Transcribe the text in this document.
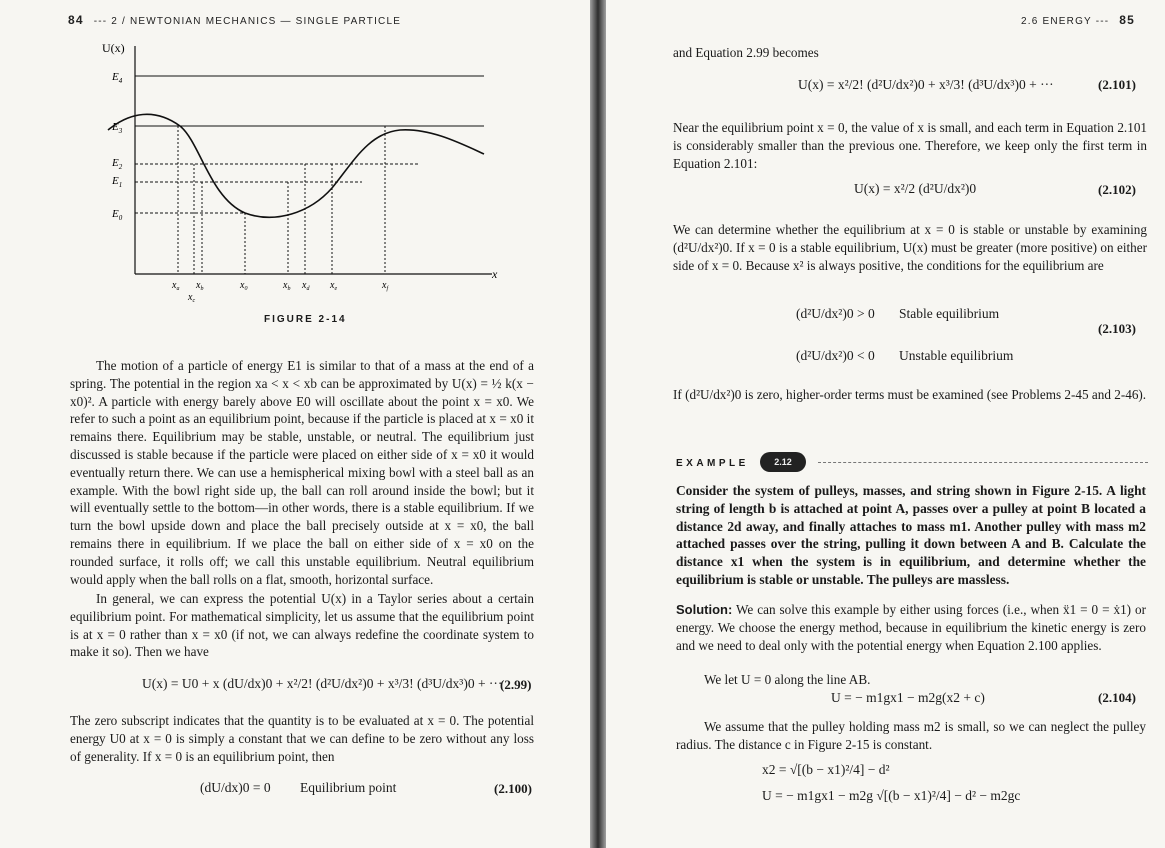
84 --- 2 / NEWTONIAN MECHANICS — SINGLE PARTICLE
U(x)
x
$E_4$
$E_3$
$E_2$
$E_1$
$E_0$
$x_a$ $x_b$
$x_c$
$x_0$	$x_b$ $x_d$ $x_e$	$x_f$
FIGURE 2-14
The motion of a particle of energy E1 is similar to that of a mass at the end of a spring. The potential in the region xa < x < xb can be approximated by U(x) = ½ k(x − x0)². A particle with energy barely above E0 will oscillate about the point x = x0. We refer to such a point as an equilibrium point, because if the particle is placed at x = x0 it remains there. Equilibrium may be stable, unstable, or neutral. The equilibrium just discussed is stable because if the particle were placed on either side of x = x0 it would eventually return there. We can use a hemispherical mixing bowl with a steel ball as an example. With the bowl right side up, the ball can roll around inside the bowl; but it will eventually settle to the bottom—in other words, there is a stable equilibrium. If we turn the bowl upside down and place the ball precisely outside at x = x0, the ball remains there in equilibrium. If we place the ball on either side of x = x0 on the rounded surface, it rolls off; we call this unstable equilibrium. Neutral equilibrium would apply when the ball rolls on a flat, smooth, horizontal surface.
In general, we can express the potential U(x) in a Taylor series about a certain equilibrium point. For mathematical simplicity, let us assume that the equilibrium point is at x = 0 rather than x = x0 (if not, we can always redefine the coordinate system to make it so). Then we have
U(x) = U0 + x (dU/dx)0 + x²/2! (d²U/dx²)0 + x³/3! (d³U/dx³)0 + ···
(2.99)
The zero subscript indicates that the quantity is to be evaluated at x = 0. The potential energy U0 at x = 0 is simply a constant that we can define to be zero without any loss of generality. If x = 0 is an equilibrium point, then
(dU/dx)0 = 0 Equilibrium point	(2.100)
2.6 ENERGY --- 85
and Equation 2.99 becomes
U(x) = x²/2! (d²U/dx²)0 + x³/3! (d³U/dx³)0 + ···	(2.101)
Near the equilibrium point x = 0, the value of x is small, and each term in Equation 2.101 is considerably smaller than the previous one. Therefore, we keep only the first term in Equation 2.101:
U(x) = x²/2 (d²U/dx²)0	(2.102)
We can determine whether the equilibrium at x = 0 is stable or unstable by examining (d²U/dx²)0. If x = 0 is a stable equilibrium, U(x) must be greater (more positive) on either side of x = 0. Because x² is always positive, the conditions for the equilibrium are
(d²U/dx²)0 > 0 Stable equilibrium
(d²U/dx²)0 < 0 Unstable equilibrium
(2.103)
If (d²U/dx²)0 is zero, higher-order terms must be examined (see Problems 2-45 and 2-46).
EXAMPLE	2.12
Consider the system of pulleys, masses, and string shown in Figure 2-15. A light string of length b is attached at point A, passes over a pulley at point B located a distance 2d away, and finally attaches to mass m1. Another pulley with mass m2 attached passes over the string, pulling it down between A and B. Calculate the distance x1 when the system is in equilibrium, and determine whether the equilibrium is stable or unstable. The pulleys are massless.
Solution: We can solve this example by either using forces (i.e., when ẍ1 = 0 = ẋ1) or energy. We choose the energy method, because in equilibrium the kinetic energy is zero and we need to deal only with the potential energy when Equation 2.100 applies.
We let U = 0 along the line AB.
U = − m1gx1 − m2g(x2 + c)	(2.104)
We assume that the pulley holding mass m2 is small, so we can neglect the pulley radius. The distance c in Figure 2-15 is constant.
x2 = √[(b − x1)²/4] − d²
U = − m1gx1 − m2g √[(b − x1)²/4] − d² − m2gc
